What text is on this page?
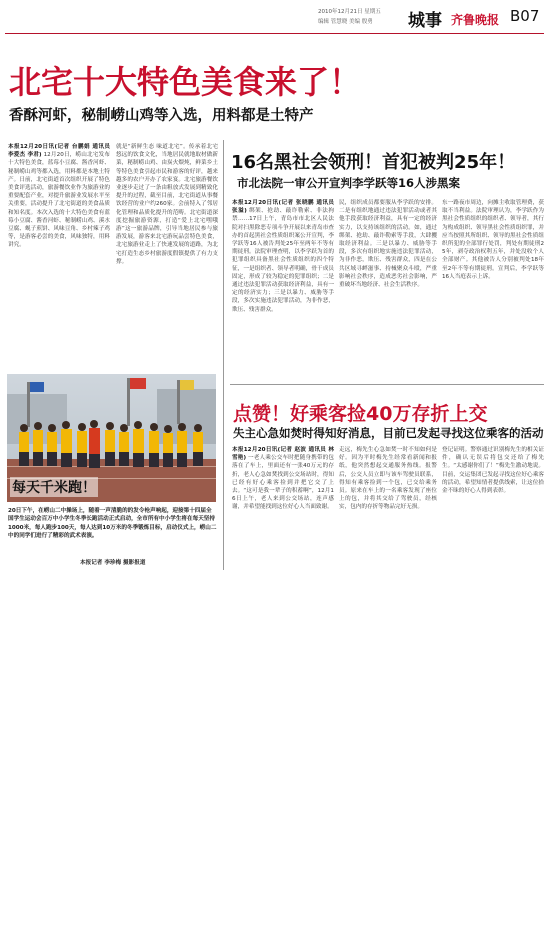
2010年12月21日 星期五
编辑 管慧晓 美编 殷勇 城事 齐鲁晚报 B07
北宅十大特色美食来了！
香酥河虾，秘制崂山鸡等入选，用料都是土特产
本报12月20日讯(记者 台鹏娟 通讯员 李爱杰 李君) 12月20日，崂山北宅发布十大特色美食，蓝莓小豆腐、酱香河虾、秘制崂山鸡等都入选，用料都是本地土特产。日前，北宅街道首次组织开展了特色美食评选活动，旅游餐饮业作为旅游业的重要配套产业，对提升旅游业发展水平至关重要，活动提升了北宅街道的美食品质和知名度。本次入选的十大特色美食有蓝莓小豆腐、酱香河虾、秘制崂山鸡、溪水豆腐、蚬子煎饼、风味豆角、乡村辣子鸡等，是游客必尝的美食，风味独特，用料讲究。
就是“新鲜生态 味道北宅”。传承着北宅悠远的饮食文化，当地居民就地取材做新菜，秘制崂山鸡、由炭火煨炖，鲜菜乡土等特色美食引起市民和游客的好评，越来越多的农户开办了农家宴。北宅旅游餐饮业逐步走过了一条由粗放式发展到精致化提升的过程，截至目前，北宅街道从事餐饮经营的业户约260家。会前特入了邻居化管理和品质化提升的范畴。北宅街道深度挖掘旅游资源，打造“爱上北宅嘿哦游”这一旅游品牌，引导当地居民参与旅游发展，游客来北宅游玩品尝特色美食，北宅旅游业走上了快速发展的道路，为北宅打造生态乡村旅游度假镇提供了有力支撑。
16名黑社会领刑！首犯被判25年！
市北法院一审公开宣判李学跃等16人涉黑案
本报12月20日讯(记者 张晓鹏 通讯员 张溢) 绑架、抢劫、敲诈勒索、非法拘禁……17日上午，青岛市市北区人民法院对扫黑除恶专项斗争开展以来青岛市查办的首起黑社会性质组织案公开宣判，李学跃等16人被告判处25年至两年不等有期徒刑。法院审理查明，以李学跃为首的犯罪组织具备黑社会性质组织的四个特征，一是组织者、领导者明确，骨干成员固定，形成了较为稳定的犯罪组织；二是通过违法犯罪活动获取经济利益，具有一定的经济实力；三是以暴力、威胁等手段，多次实施违法犯罪活动，为非作恶，欺压、残害群众。
民，组织成员都要服从李学跃的安排。二是有组织地通过违法犯罪活动或者其他手段获取经济利益，具有一定的经济实力，以支持该组织的活动。如，通过绑架、抢劫、敲诈勒索等手段，大肆攫取经济利益。三是以暴力、威胁等手段，多次有组织地实施违法犯罪活动，为非作恶，欺压、残害群众，四是在公共区域寻衅滋事、持械聚众斗殴，严重影响社会秩序，造成恶劣社会影响，严重破坏当地经济、社会生活秩序。
东一路夜市周边，向摊主收取管理费，获取不当利益。法院审理认为，李学跃作为黑社会性质组织的组织者、领导者，其行为构成组织、领导黑社会性质组织罪，并应当按照其所组织、领导的黑社会性质组织所犯的全部罪行处罚，判处有期徒刑25年，剥夺政治权利五年，并处没收个人全部财产。其他被告人分别被判处18年至2年不等有期徒刑。宣判后，李学跃等16人当庭表示上诉。
每天千米跑！
20日下午，在崂山二中操场上，随着一声清脆的的发令枪声响起，迎接第十四届全国学生运动会百万中小学生冬季长跑活动正式启动，全市所有中小学生将在每天坚持1000米，每人跑步100天，每人达到10万米的冬季锻炼目标，启动仪式上，崂山二中的同学们进行了精彩的武术表演。
本报记者 李珍梅 摄影报道
点赞！好乘客捡40万存折上交
失主心急如焚时得知好消息，目前已发起寻找这位乘客的活动
本报12月20日讯(记者 赵波 通讯员 林雪艳) 一老人乘公交车时把随身携带的包落在了车上，里面还有一张40万元的存折，老人心急如焚找到公交场站时，得知已经有好心乘客捡到并把它交了上去。“这可是我一辈子的积蓄啊”，12月16日上午，老人来到公交场站，连声感谢，并希望能找到这位好心人当面致谢。
走远，梅先生心急如焚一时不知如何是好。因为平时梅先生经常看新闻和报纸，他突然想起交通服务热线。报警后，公交人员立即与该车驾驶员联系，得知有乘客捡到一个包，已交给乘务员。原来在车上的一名乘客发现了座位上的包，并将其交给了驾驶员，经核实，包内的存折等物品完好无损。
登记证明。警察通过识别梅先生的相关证件，确认无误后将包交还给了梅先生。“太感谢你们了！”梅先生激动地说。目前，交运集团已发起寻找这位好心乘客的活动，希望知情者提供线索，让这位拾金不昧的好心人得到表彰。
